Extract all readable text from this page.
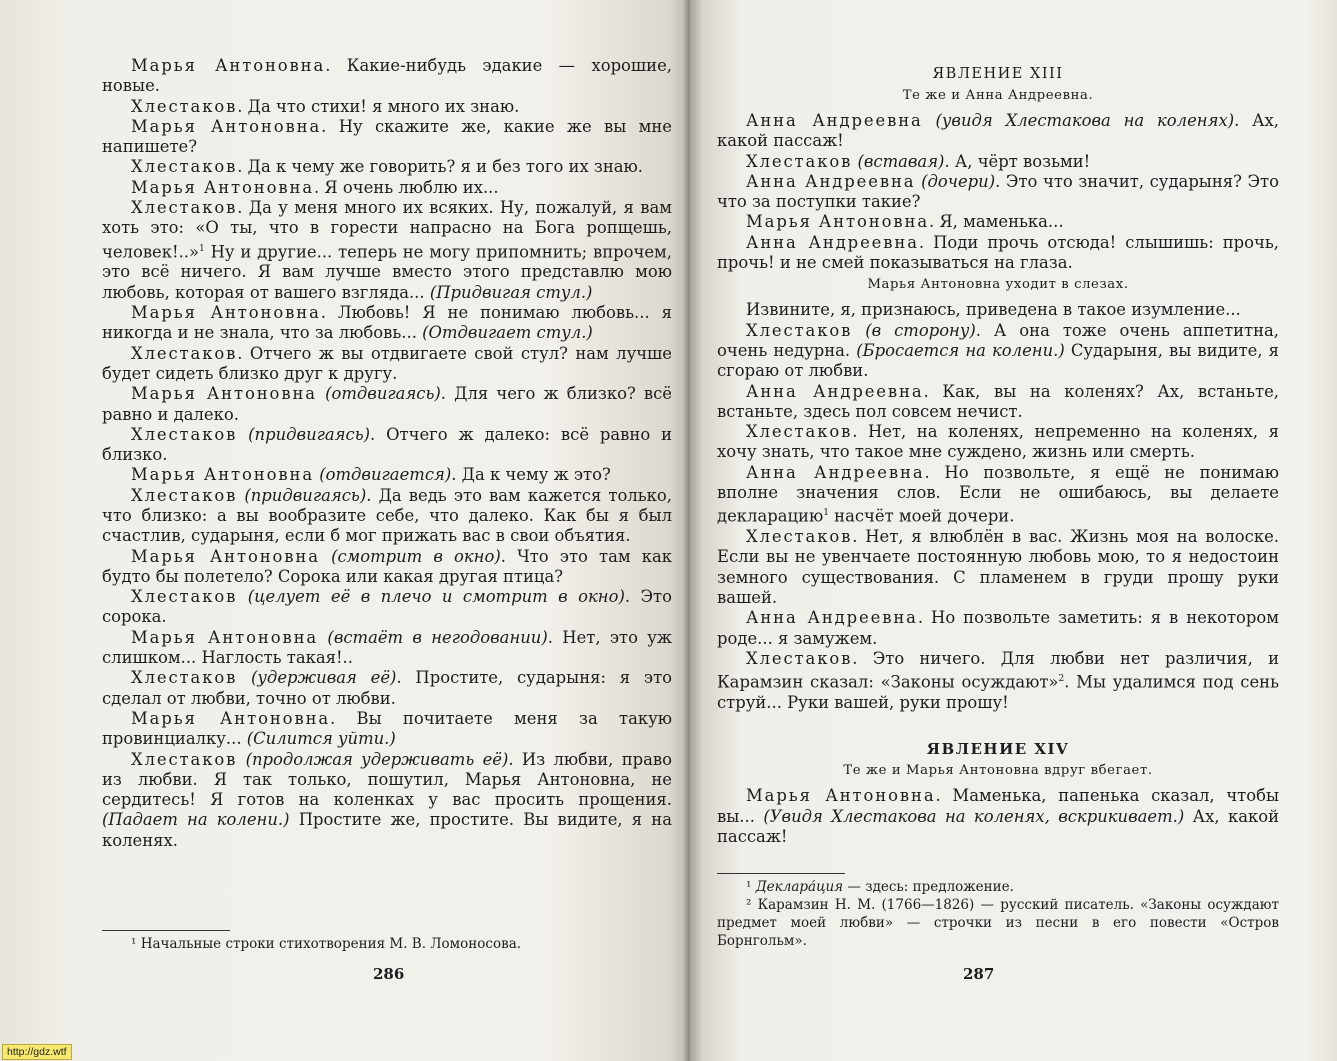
Марья Антоновна. Какие-нибудь эдакие — хорошие, новые.

Хлестаков. Да что стихи! я много их знаю.

Марья Антоновна. Ну скажите же, какие же вы мне напишете?

Хлестаков. Да к чему же говорить? я и без того их знаю.

Марья Антоновна. Я очень люблю их...

Хлестаков. Да у меня много их всяких. Ну, пожалуй, я вам хоть это: «О ты, что в горести напрасно на Бога ропщешь, человек!..»$^1$ Ну и другие... теперь не могу припомнить; впрочем, это всё ничего. Я вам лучше вместо этого представлю мою любовь, которая от вашего взгляда... (Придвигая стул.)

Марья Антоновна. Любовь! Я не понимаю любовь... я никогда и не знала, что за любовь... (Отдвигает стул.)

Хлестаков. Отчего ж вы отдвигаете свой стул? нам лучше будет сидеть близко друг к другу.

Марья Антоновна (отдвигаясь). Для чего ж близко? всё равно и далеко.

Хлестаков (придвигаясь). Отчего ж далеко: всё равно и близко.

Марья Антоновна (отдвигается). Да к чему ж это?

Хлестаков (придвигаясь). Да ведь это вам кажется только, что близко: а вы вообразите себе, что далеко. Как бы я был счастлив, сударыня, если б мог прижать вас в свои объятия.

Марья Антоновна (смотрит в окно). Что это там как будто бы полетело? Сорока или какая другая птица?

Хлестаков (целует её в плечо и смотрит в окно). Это сорока.

Марья Антоновна (встаёт в негодовании). Нет, это уж слишком... Наглость такая!..

Хлестаков (удерживая её). Простите, сударыня: я это сделал от любви, точно от любви.

Марья Антоновна. Вы почитаете меня за такую провинциалку... (Силится уйти.)

Хлестаков (продолжая удерживать её). Из любви, право из любви. Я так только, пошутил, Марья Антоновна, не сердитесь! Я готов на коленках у вас просить прощения. (Падает на колени.) Простите же, простите. Вы видите, я на коленях.

¹ Начальные строки стихотворения М. В. Ломоносова.

286

ЯВЛЕНИЕ XIII

Те же и Анна Андреевна.

Анна Андреевна (увидя Хлестакова на коленях). Ах, какой пассаж!

Хлестаков (вставая). А, чёрт возьми!

Анна Андреевна (дочери). Это что значит, сударыня? Это что за поступки такие?

Марья Антоновна. Я, маменька...

Анна Андреевна. Поди прочь отсюда! слышишь: прочь, прочь! и не смей показываться на глаза.

Марья Антоновна уходит в слезах.

Извините, я, признаюсь, приведена в такое изумление...

Хлестаков (в сторону). А она тоже очень аппетитна, очень недурна. (Бросается на колени.) Сударыня, вы видите, я сгораю от любви.

Анна Андреевна. Как, вы на коленях? Ах, встаньте, встаньте, здесь пол совсем нечист.

Хлестаков. Нет, на коленях, непременно на коленях, я хочу знать, что такое мне суждено, жизнь или смерть.

Анна Андреевна. Но позвольте, я ещё не понимаю вполне значения слов. Если не ошибаюсь, вы делаете декларацию$^1$ насчёт моей дочери.

Хлестаков. Нет, я влюблён в вас. Жизнь моя на волоске. Если вы не увенчаете постоянную любовь мою, то я недостоин земного существования. С пламенем в груди прошу руки вашей.

Анна Андреевна. Но позвольте заметить: я в некотором роде... я замужем.

Хлестаков. Это ничего. Для любви нет различия, и Карамзин сказал: «Законы осуждают»$^2$. Мы удалимся под сень струй... Руки вашей, руки прошу!

ЯВЛЕНИЕ XIV

Те же и Марья Антоновна вдруг вбегает.

Марья Антоновна. Маменька, папенька сказал, чтобы вы... (Увидя Хлестакова на коленях, вскрикивает.) Ах, какой пассаж!

¹ Деклара́ция — здесь: предложение.

² Карамзин Н. М. (1766—1826) — русский писатель. «Законы осуждают предмет моей любви» — строчки из песни в его повести «Остров Борнгольм».

287
http://gdz.wtf
